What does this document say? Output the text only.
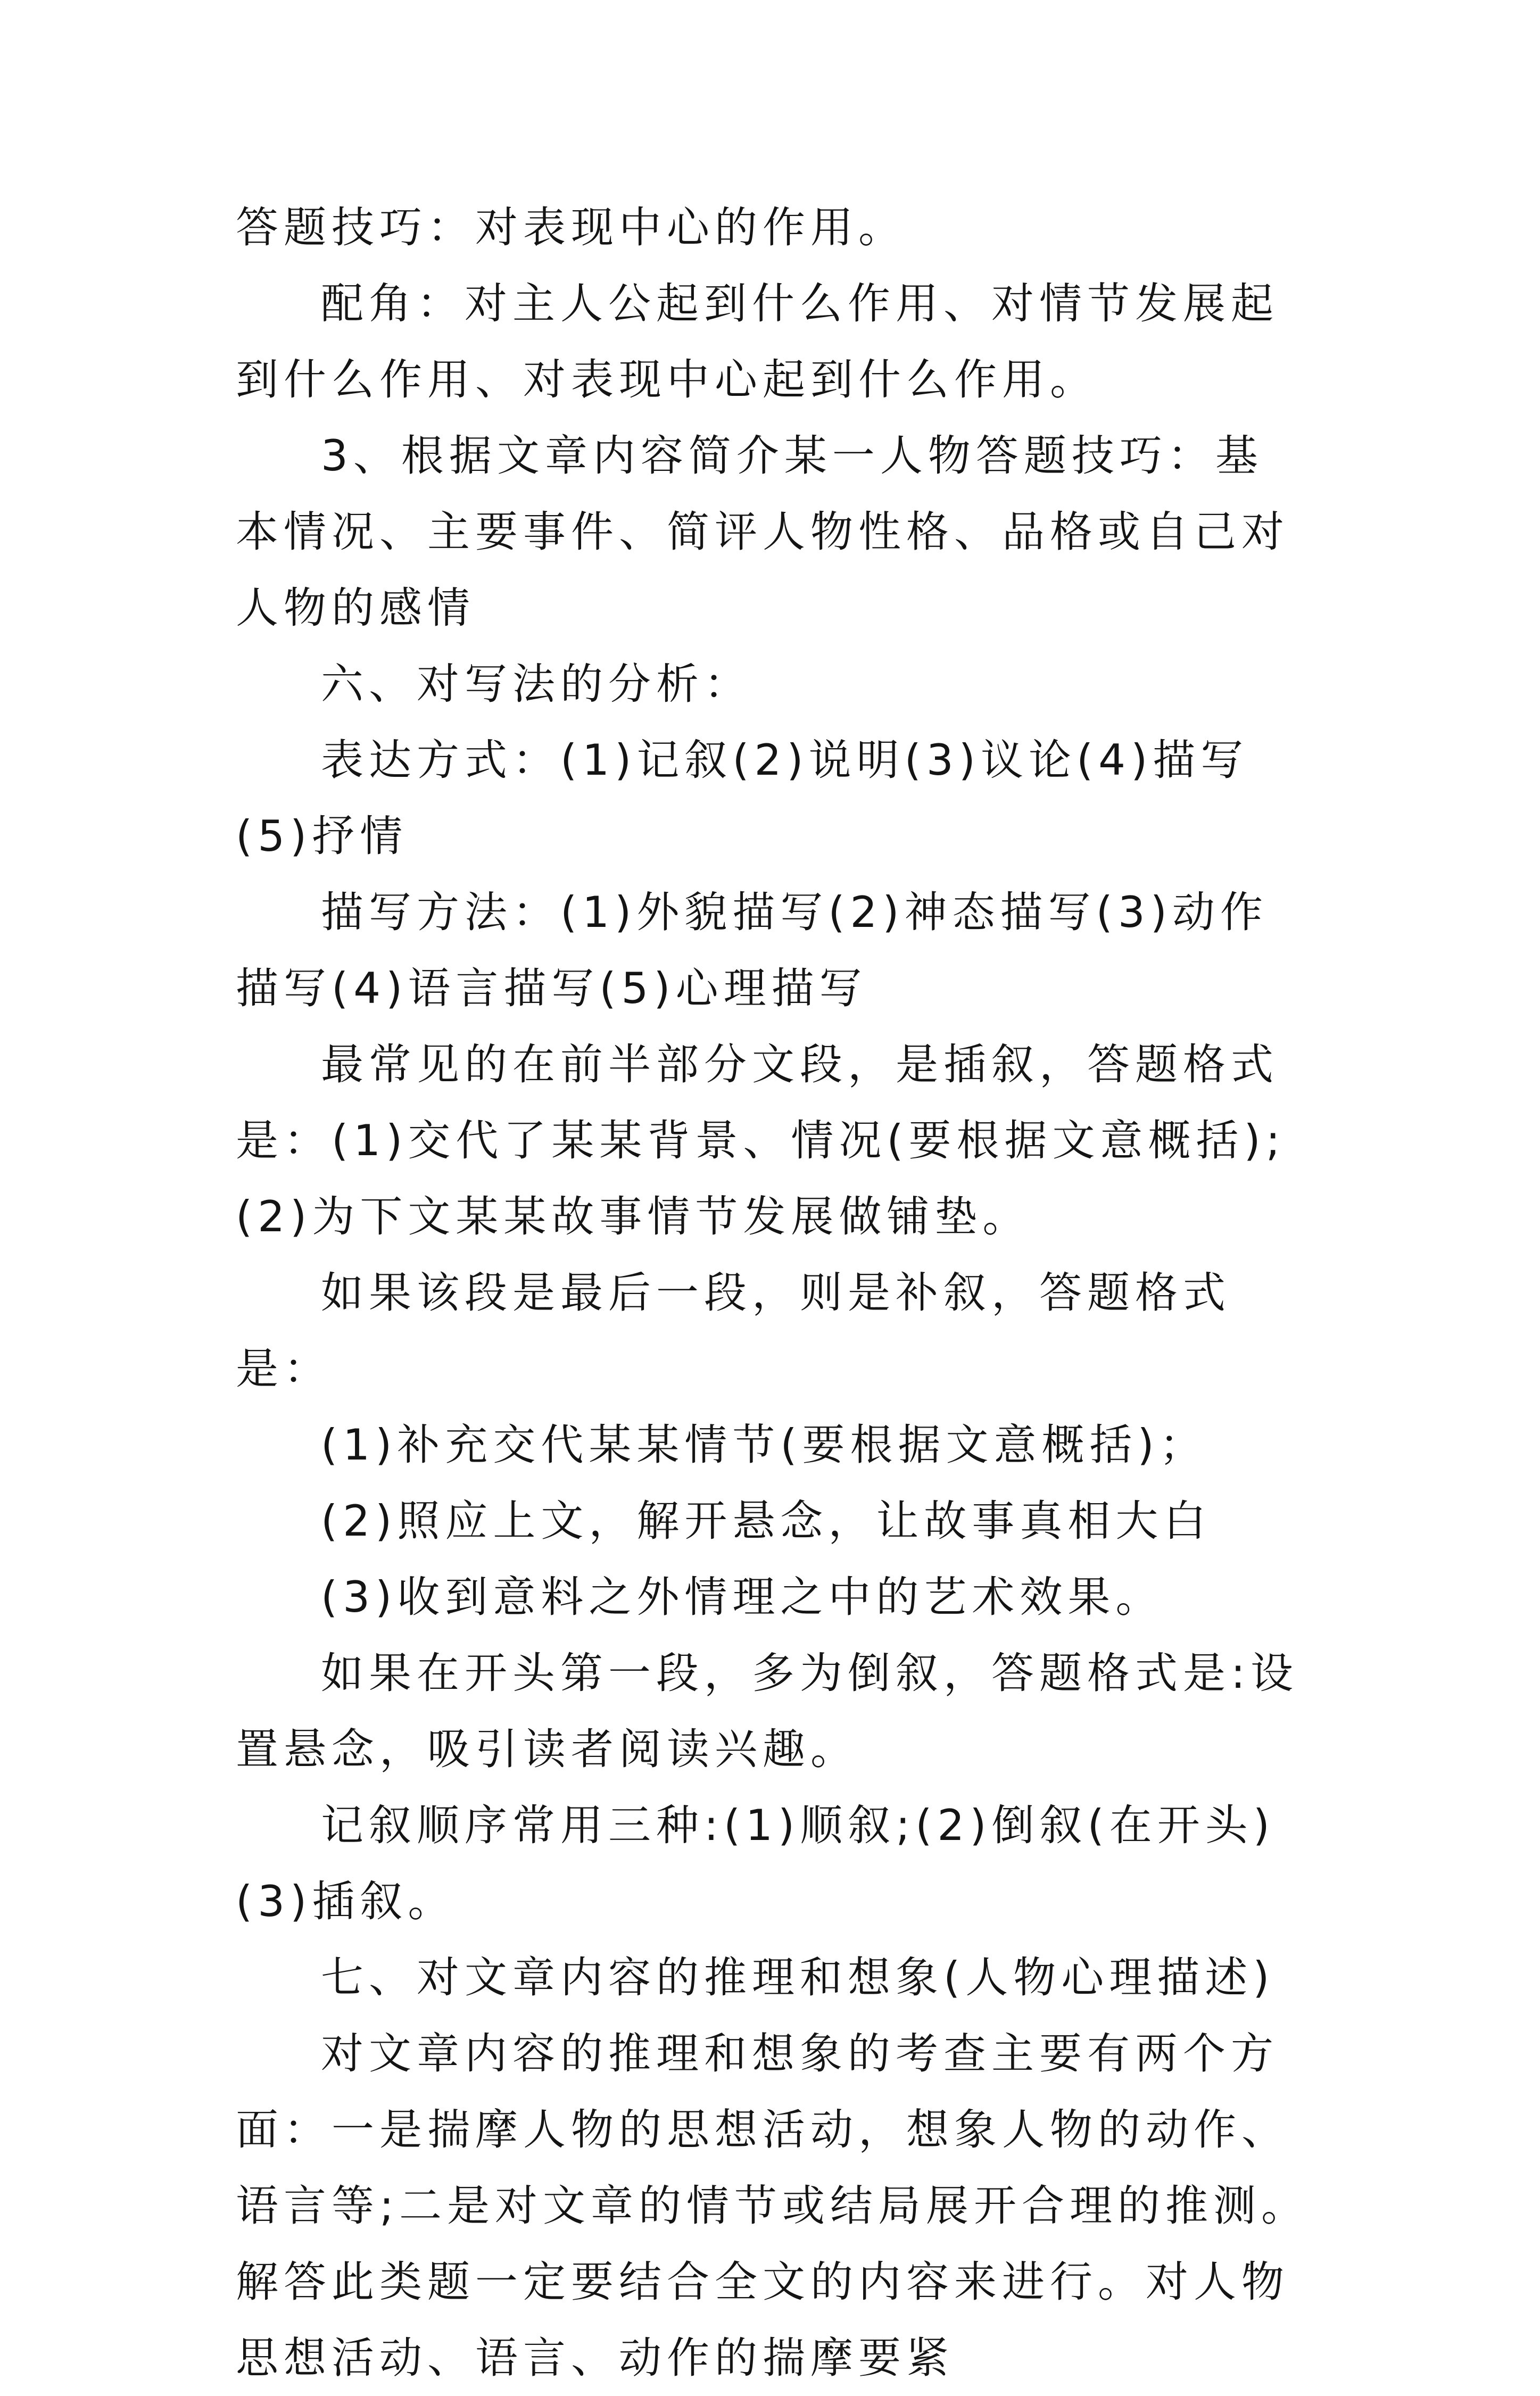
答题技巧：对表现中心的作用。

配角：对主人公起到什么作用、对情节发展起到什么作用、对表现中心起到什么作用。

3、根据文章内容简介某一人物答题技巧：基本情况、主要事件、简评人物性格、品格或自己对人物的感情

六、对写法的分析：

表达方式：(1)记叙(2)说明(3)议论(4)描写(5)抒情

描写方法：(1)外貌描写(2)神态描写(3)动作描写(4)语言描写(5)心理描写

最常见的在前半部分文段，是插叙，答题格式是：(1)交代了某某背景、情况(要根据文意概括);(2)为下文某某故事情节发展做铺垫。

如果该段是最后一段，则是补叙，答题格式是：

(1)补充交代某某情节(要根据文意概括)；

(2)照应上文，解开悬念，让故事真相大白

(3)收到意料之外情理之中的艺术效果。

如果在开头第一段，多为倒叙，答题格式是:设置悬念，吸引读者阅读兴趣。

记叙顺序常用三种:(1)顺叙;(2)倒叙(在开头)(3)插叙。

七、对文章内容的推理和想象(人物心理描述)

对文章内容的推理和想象的考查主要有两个方面：一是揣摩人物的思想活动，想象人物的动作、语言等;二是对文章的情节或结局展开合理的推测。解答此类题一定要结合全文的内容来进行。对人物思想活动、语言、动作的揣摩要紧
